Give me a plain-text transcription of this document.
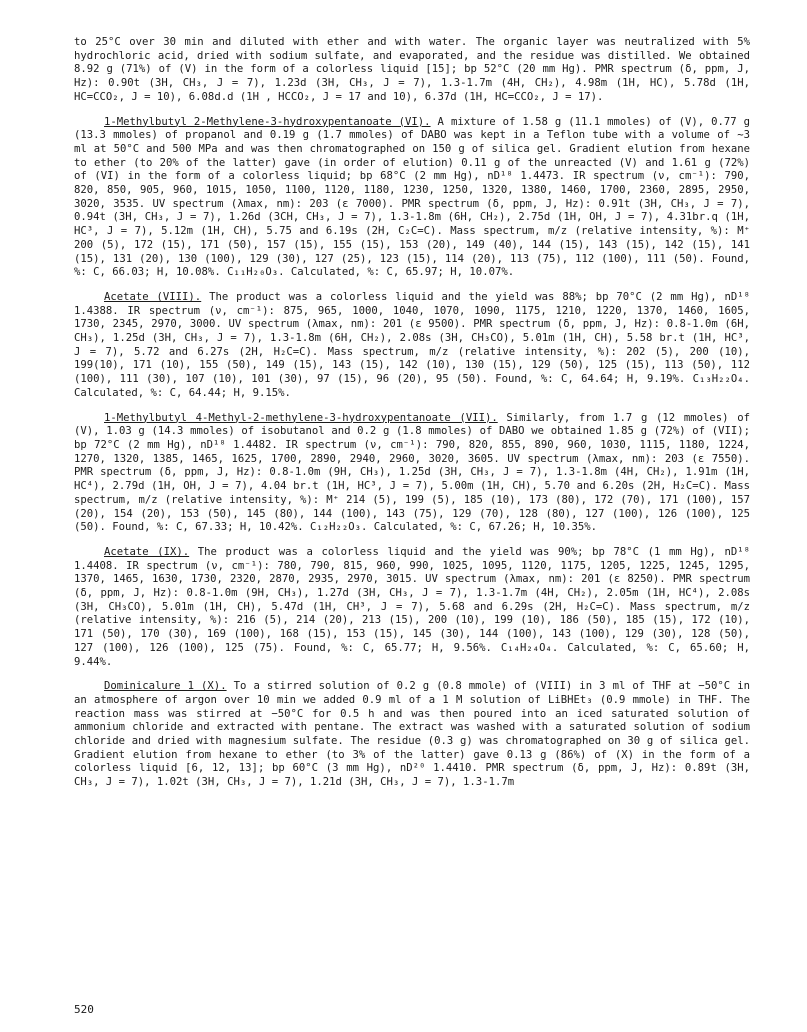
to 25°C over 30 min and diluted with ether and with water. The organic layer was neutralized with 5% hydrochloric acid, dried with sodium sulfate, and evaporated, and the residue was distilled. We obtained 8.92 g (71%) of (V) in the form of a colorless liquid [15]; bp 52°C (20 mm Hg). PMR spectrum (δ, ppm, J, Hz): 0.90t (3H, CH₃, J = 7), 1.23d (3H, CH₃, J = 7), 1.3-1.7m (4H, CH₂), 4.98m (1H, HC), 5.78d (1H, HC=CCO₂, J = 10), 6.08d.d (1H , HCCO₂, J = 17 and 10), 6.37d (1H, HC=CCO₂, J = 17).

1-Methylbutyl 2-Methylene-3-hydroxypentanoate (VI). A mixture of 1.58 g (11.1 mmoles) of (V), 0.77 g (13.3 mmoles) of propanol and 0.19 g (1.7 mmoles) of DABO was kept in a Teflon tube with a volume of ~3 ml at 50°C and 500 MPa and was then chromatographed on 150 g of silica gel. Gradient elution from hexane to ether (to 20% of the latter) gave (in order of elution) 0.11 g of the unreacted (V) and 1.61 g (72%) of (VI) in the form of a colorless liquid; bp 68°C (2 mm Hg), nD¹⁸ 1.4473. IR spectrum (ν, cm⁻¹): 790, 820, 850, 905, 960, 1015, 1050, 1100, 1120, 1180, 1230, 1250, 1320, 1380, 1460, 1700, 2360, 2895, 2950, 3020, 3535. UV spectrum (λmax, nm): 203 (ε 7000). PMR spectrum (δ, ppm, J, Hz): 0.91t (3H, CH₃, J = 7), 0.94t (3H, CH₃, J = 7), 1.26d (3CH, CH₃, J = 7), 1.3-1.8m (6H, CH₂), 2.75d (1H, OH, J = 7), 4.31br.q (1H, HC³, J = 7), 5.12m (1H, CH), 5.75 and 6.19s (2H, C₂C=C). Mass spectrum, m/z (relative intensity, %): M⁺ 200 (5), 172 (15), 171 (50), 157 (15), 155 (15), 153 (20), 149 (40), 144 (15), 143 (15), 142 (15), 141 (15), 131 (20), 130 (100), 129 (30), 127 (25), 123 (15), 114 (20), 113 (75), 112 (100), 111 (50). Found, %: C, 66.03; H, 10.08%. C₁₁H₂₀O₃. Calculated, %: C, 65.97; H, 10.07%.

Acetate (VIII). The product was a colorless liquid and the yield was 88%; bp 70°C (2 mm Hg), nD¹⁸ 1.4388. IR spectrum (ν, cm⁻¹): 875, 965, 1000, 1040, 1070, 1090, 1175, 1210, 1220, 1370, 1460, 1605, 1730, 2345, 2970, 3000. UV spectrum (λmax, nm): 201 (ε 9500). PMR spectrum (δ, ppm, J, Hz): 0.8-1.0m (6H, CH₃), 1.25d (3H, CH₃, J = 7), 1.3-1.8m (6H, CH₂), 2.08s (3H, CH₃CO), 5.01m (1H, CH), 5.58 br.t (1H, HC³, J = 7), 5.72 and 6.27s (2H, H₂C=C). Mass spectrum, m/z (relative intensity, %): 202 (5), 200 (10), 199(10), 171 (10), 155 (50), 149 (15), 143 (15), 142 (10), 130 (15), 129 (50), 125 (15), 113 (50), 112 (100), 111 (30), 107 (10), 101 (30), 97 (15), 96 (20), 95 (50). Found, %: C, 64.64; H, 9.19%. C₁₃H₂₂O₄. Calculated, %: C, 64.44; H, 9.15%.

1-Methylbutyl 4-Methyl-2-methylene-3-hydroxypentanoate (VII). Similarly, from 1.7 g (12 mmoles) of (V), 1.03 g (14.3 mmoles) of isobutanol and 0.2 g (1.8 mmoles) of DABO we obtained 1.85 g (72%) of (VII); bp 72°C (2 mm Hg), nD¹⁸ 1.4482. IR spectrum (ν, cm⁻¹): 790, 820, 855, 890, 960, 1030, 1115, 1180, 1224, 1270, 1320, 1385, 1465, 1625, 1700, 2890, 2940, 2960, 3020, 3605. UV spectrum (λmax, nm): 203 (ε 7550). PMR spectrum (δ, ppm, J, Hz): 0.8-1.0m (9H, CH₃), 1.25d (3H, CH₃, J = 7), 1.3-1.8m (4H, CH₂), 1.91m (1H, HC⁴), 2.79d (1H, OH, J = 7), 4.04 br.t (1H, HC³, J = 7), 5.00m (1H, CH), 5.70 and 6.20s (2H, H₂C=C). Mass spectrum, m/z (relative intensity, %): M⁺ 214 (5), 199 (5), 185 (10), 173 (80), 172 (70), 171 (100), 157 (20), 154 (20), 153 (50), 145 (80), 144 (100), 143 (75), 129 (70), 128 (80), 127 (100), 126 (100), 125 (50). Found, %: C, 67.33; H, 10.42%. C₁₂H₂₂O₃. Calculated, %: C, 67.26; H, 10.35%.

Acetate (IX). The product was a colorless liquid and the yield was 90%; bp 78°C (1 mm Hg), nD¹⁸ 1.4408. IR spectrum (ν, cm⁻¹): 780, 790, 815, 960, 990, 1025, 1095, 1120, 1175, 1205, 1225, 1245, 1295, 1370, 1465, 1630, 1730, 2320, 2870, 2935, 2970, 3015. UV spectrum (λmax, nm): 201 (ε 8250). PMR spectrum (δ, ppm, J, Hz): 0.8-1.0m (9H, CH₃), 1.27d (3H, CH₃, J = 7), 1.3-1.7m (4H, CH₂), 2.05m (1H, HC⁴), 2.08s (3H, CH₃CO), 5.01m (1H, CH), 5.47d (1H, CH³, J = 7), 5.68 and 6.29s (2H, H₂C=C). Mass spectrum, m/z (relative intensity, %): 216 (5), 214 (20), 213 (15), 200 (10), 199 (10), 186 (50), 185 (15), 172 (10), 171 (50), 170 (30), 169 (100), 168 (15), 153 (15), 145 (30), 144 (100), 143 (100), 129 (30), 128 (50), 127 (100), 126 (100), 125 (75). Found, %: C, 65.77; H, 9.56%. C₁₄H₂₄O₄. Calculated, %: C, 65.60; H, 9.44%.

Dominicalure 1 (X). To a stirred solution of 0.2 g (0.8 mmole) of (VIII) in 3 ml of THF at −50°C in an atmosphere of argon over 10 min we added 0.9 ml of a 1 M solution of LiBHEt₃ (0.9 mmole) in THF. The reaction mass was stirred at −50°C for 0.5 h and was then poured into an iced saturated solution of ammonium chloride and extracted with pentane. The extract was washed with a saturated solution of sodium chloride and dried with magnesium sulfate. The residue (0.3 g) was chromatographed on 30 g of silica gel. Gradient elution from hexane to ether (to 3% of the latter) gave 0.13 g (86%) of (X) in the form of a colorless liquid [6, 12, 13]; bp 60°C (3 mm Hg), nD²⁰ 1.4410. PMR spectrum (δ, ppm, J, Hz): 0.89t (3H, CH₃, J = 7), 1.02t (3H, CH₃, J = 7), 1.21d (3H, CH₃, J = 7), 1.3-1.7m

520
